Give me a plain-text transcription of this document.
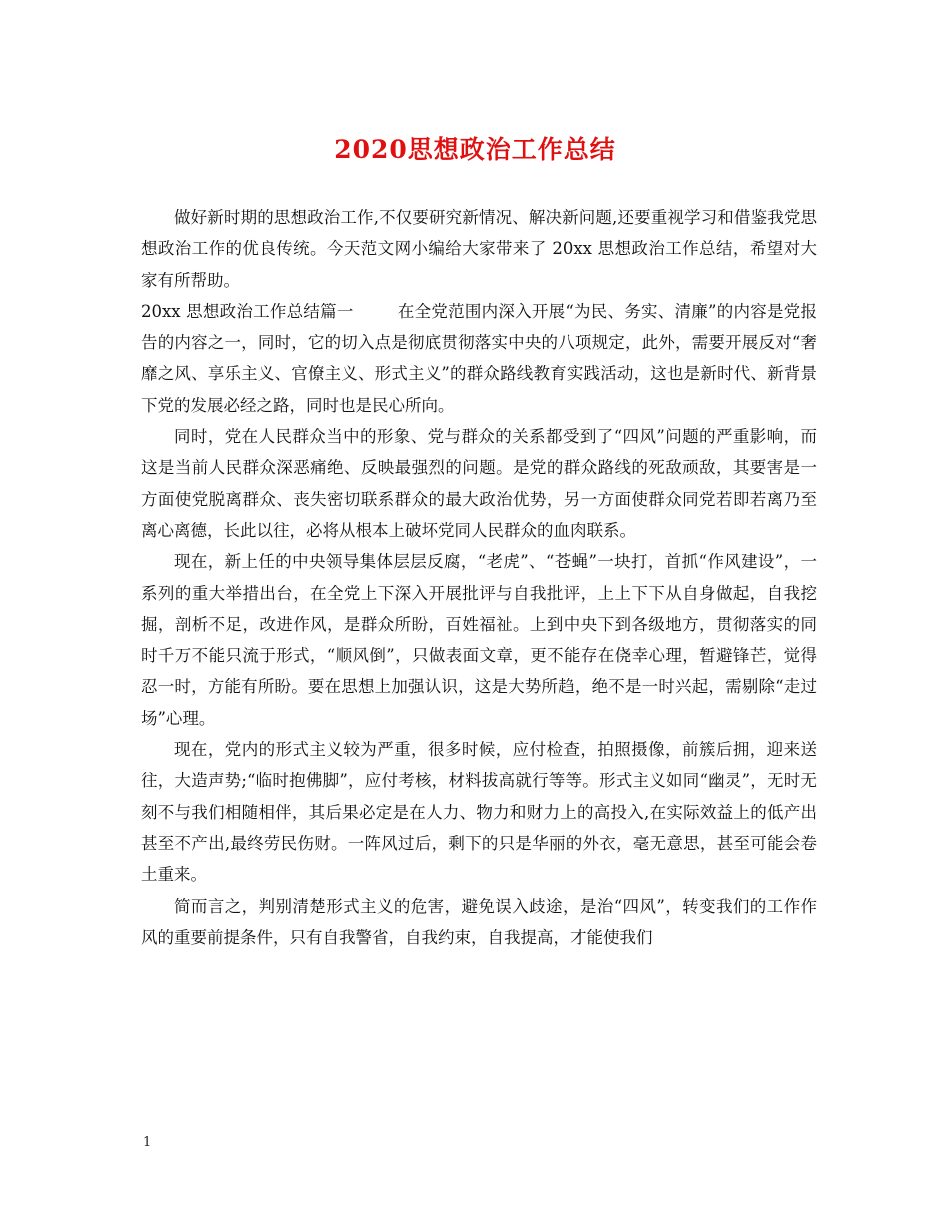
2020思想政治工作总结

做好新时期的思想政治工作,不仅要研究新情况、解决新问题,还要重视学习和借鉴我党思想政治工作的优良传统。今天范文网小编给大家带来了 20xx 思想政治工作总结，希望对大家有所帮助。

20xx 思想政治工作总结篇一	在全党范围内深入开展“为民、务实、清廉”的内容是党报告的内容之一，同时，它的切入点是彻底贯彻落实中央的八项规定，此外，需要开展反对“奢靡之风、享乐主义、官僚主义、形式主义”的群众路线教育实践活动，这也是新时代、新背景下党的发展必经之路，同时也是民心所向。

同时，党在人民群众当中的形象、党与群众的关系都受到了“四风”问题的严重影响，而这是当前人民群众深恶痛绝、反映最强烈的问题。是党的群众路线的死敌顽敌，其要害是一方面使党脱离群众、丧失密切联系群众的最大政治优势，另一方面使群众同党若即若离乃至离心离德，长此以往，必将从根本上破坏党同人民群众的血肉联系。

现在，新上任的中央领导集体层层反腐，“老虎”、“苍蝇”一块打，首抓“作风建设”，一系列的重大举措出台，在全党上下深入开展批评与自我批评，上上下下从自身做起，自我挖掘，剖析不足，改进作风，是群众所盼，百姓福祉。上到中央下到各级地方，贯彻落实的同时千万不能只流于形式，“顺风倒”，只做表面文章，更不能存在侥幸心理，暂避锋芒，觉得忍一时，方能有所盼。要在思想上加强认识，这是大势所趋，绝不是一时兴起，需剔除“走过场”心理。

现在，党内的形式主义较为严重，很多时候，应付检查，拍照摄像，前簇后拥，迎来送往，大造声势;“临时抱佛脚”，应付考核，材料拔高就行等等。形式主义如同“幽灵”，无时无刻不与我们相随相伴，其后果必定是在人力、物力和财力上的高投入,在实际效益上的低产出甚至不产出,最终劳民伤财。一阵风过后，剩下的只是华丽的外衣，毫无意思，甚至可能会卷土重来。

简而言之，判别清楚形式主义的危害，避免误入歧途，是治“四风”，转变我们的工作作风的重要前提条件，只有自我警省，自我约束，自我提高，才能使我们

1
